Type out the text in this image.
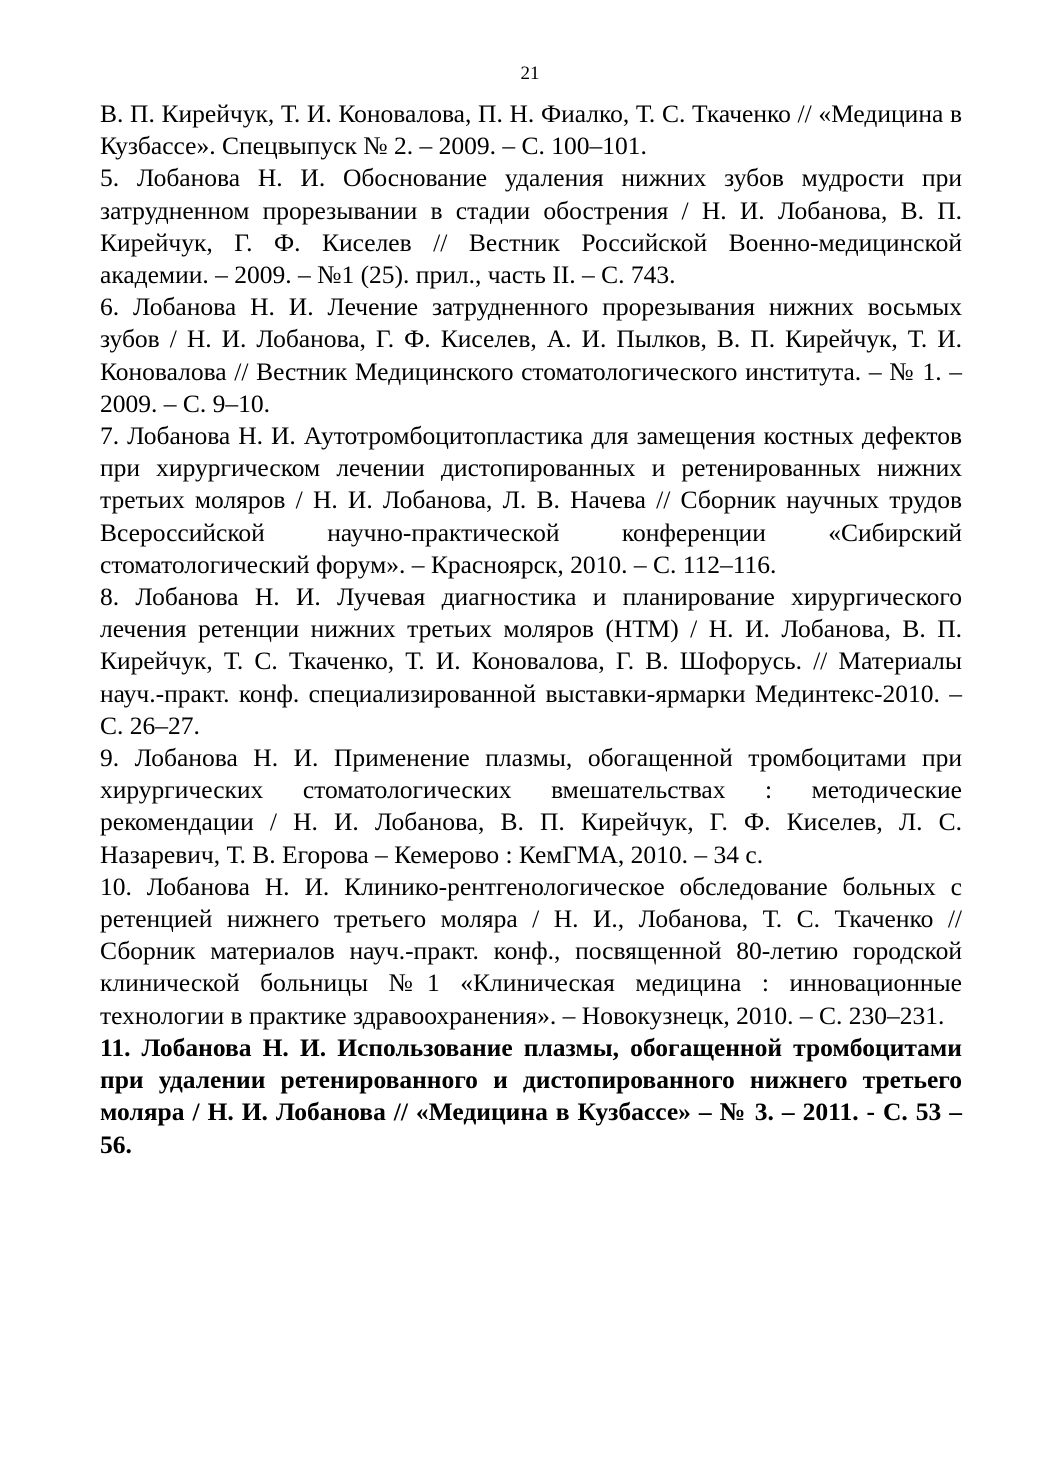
21

В. П. Кирейчук, Т. И. Коновалова, П. Н. Фиалко, Т. С. Ткаченко // «Медицина в Кузбассе». Спецвыпуск № 2. – 2009. – С. 100–101.

5. Лобанова Н. И. Обоснование удаления нижних зубов мудрости при затрудненном прорезывании в стадии обострения / Н. И. Лобанова, В. П. Кирейчук, Г. Ф. Киселев // Вестник Российской Военно-медицинской академии. – 2009. – №1 (25). прил., часть II. – С. 743.

6. Лобанова Н. И. Лечение затрудненного прорезывания нижних восьмых зубов / Н. И. Лобанова, Г. Ф. Киселев, А. И. Пылков, В. П. Кирейчук, Т. И. Коновалова // Вестник Медицинского стоматологического института. – № 1. – 2009. – С. 9–10.

7. Лобанова Н. И. Аутотромбоцитопластика для замещения костных дефектов при хирургическом лечении дистопированных и ретенированных нижних третьих моляров / Н. И. Лобанова, Л. В. Начева // Сборник научных трудов Всероссийской научно-практической конференции «Сибирский стоматологический форум». – Красноярск, 2010. – С. 112–116.

8. Лобанова Н. И. Лучевая диагностика и планирование хирургического лечения ретенции нижних третьих моляров (НТМ) / Н. И. Лобанова, В. П. Кирейчук, Т. С. Ткаченко, Т. И. Коновалова, Г. В. Шофорусь. // Материалы науч.-практ. конф. специализированной выставки-ярмарки Мединтекс-2010. – С. 26–27.

9. Лобанова Н. И. Применение плазмы, обогащенной тромбоцитами при хирургических стоматологических вмешательствах : методические рекомендации / Н. И. Лобанова, В. П. Кирейчук, Г. Ф. Киселев, Л. С. Назаревич, Т. В. Егорова – Кемерово : КемГМА, 2010. – 34 с.

10. Лобанова Н. И. Клинико-рентгенологическое обследование больных с ретенцией нижнего третьего моляра / Н. И., Лобанова, Т. С. Ткаченко // Сборник материалов науч.-практ. конф., посвященной 80-летию городской клинической больницы №1 «Клиническая медицина : инновационные технологии в практике здравоохранения». – Новокузнецк, 2010. – С. 230–231.

11. Лобанова Н. И. Использование плазмы, обогащенной тромбоцитами при удалении ретенированного и дистопированного нижнего третьего моляра / Н. И. Лобанова // «Медицина в Кузбассе» – № 3. – 2011. - С. 53 –56.
